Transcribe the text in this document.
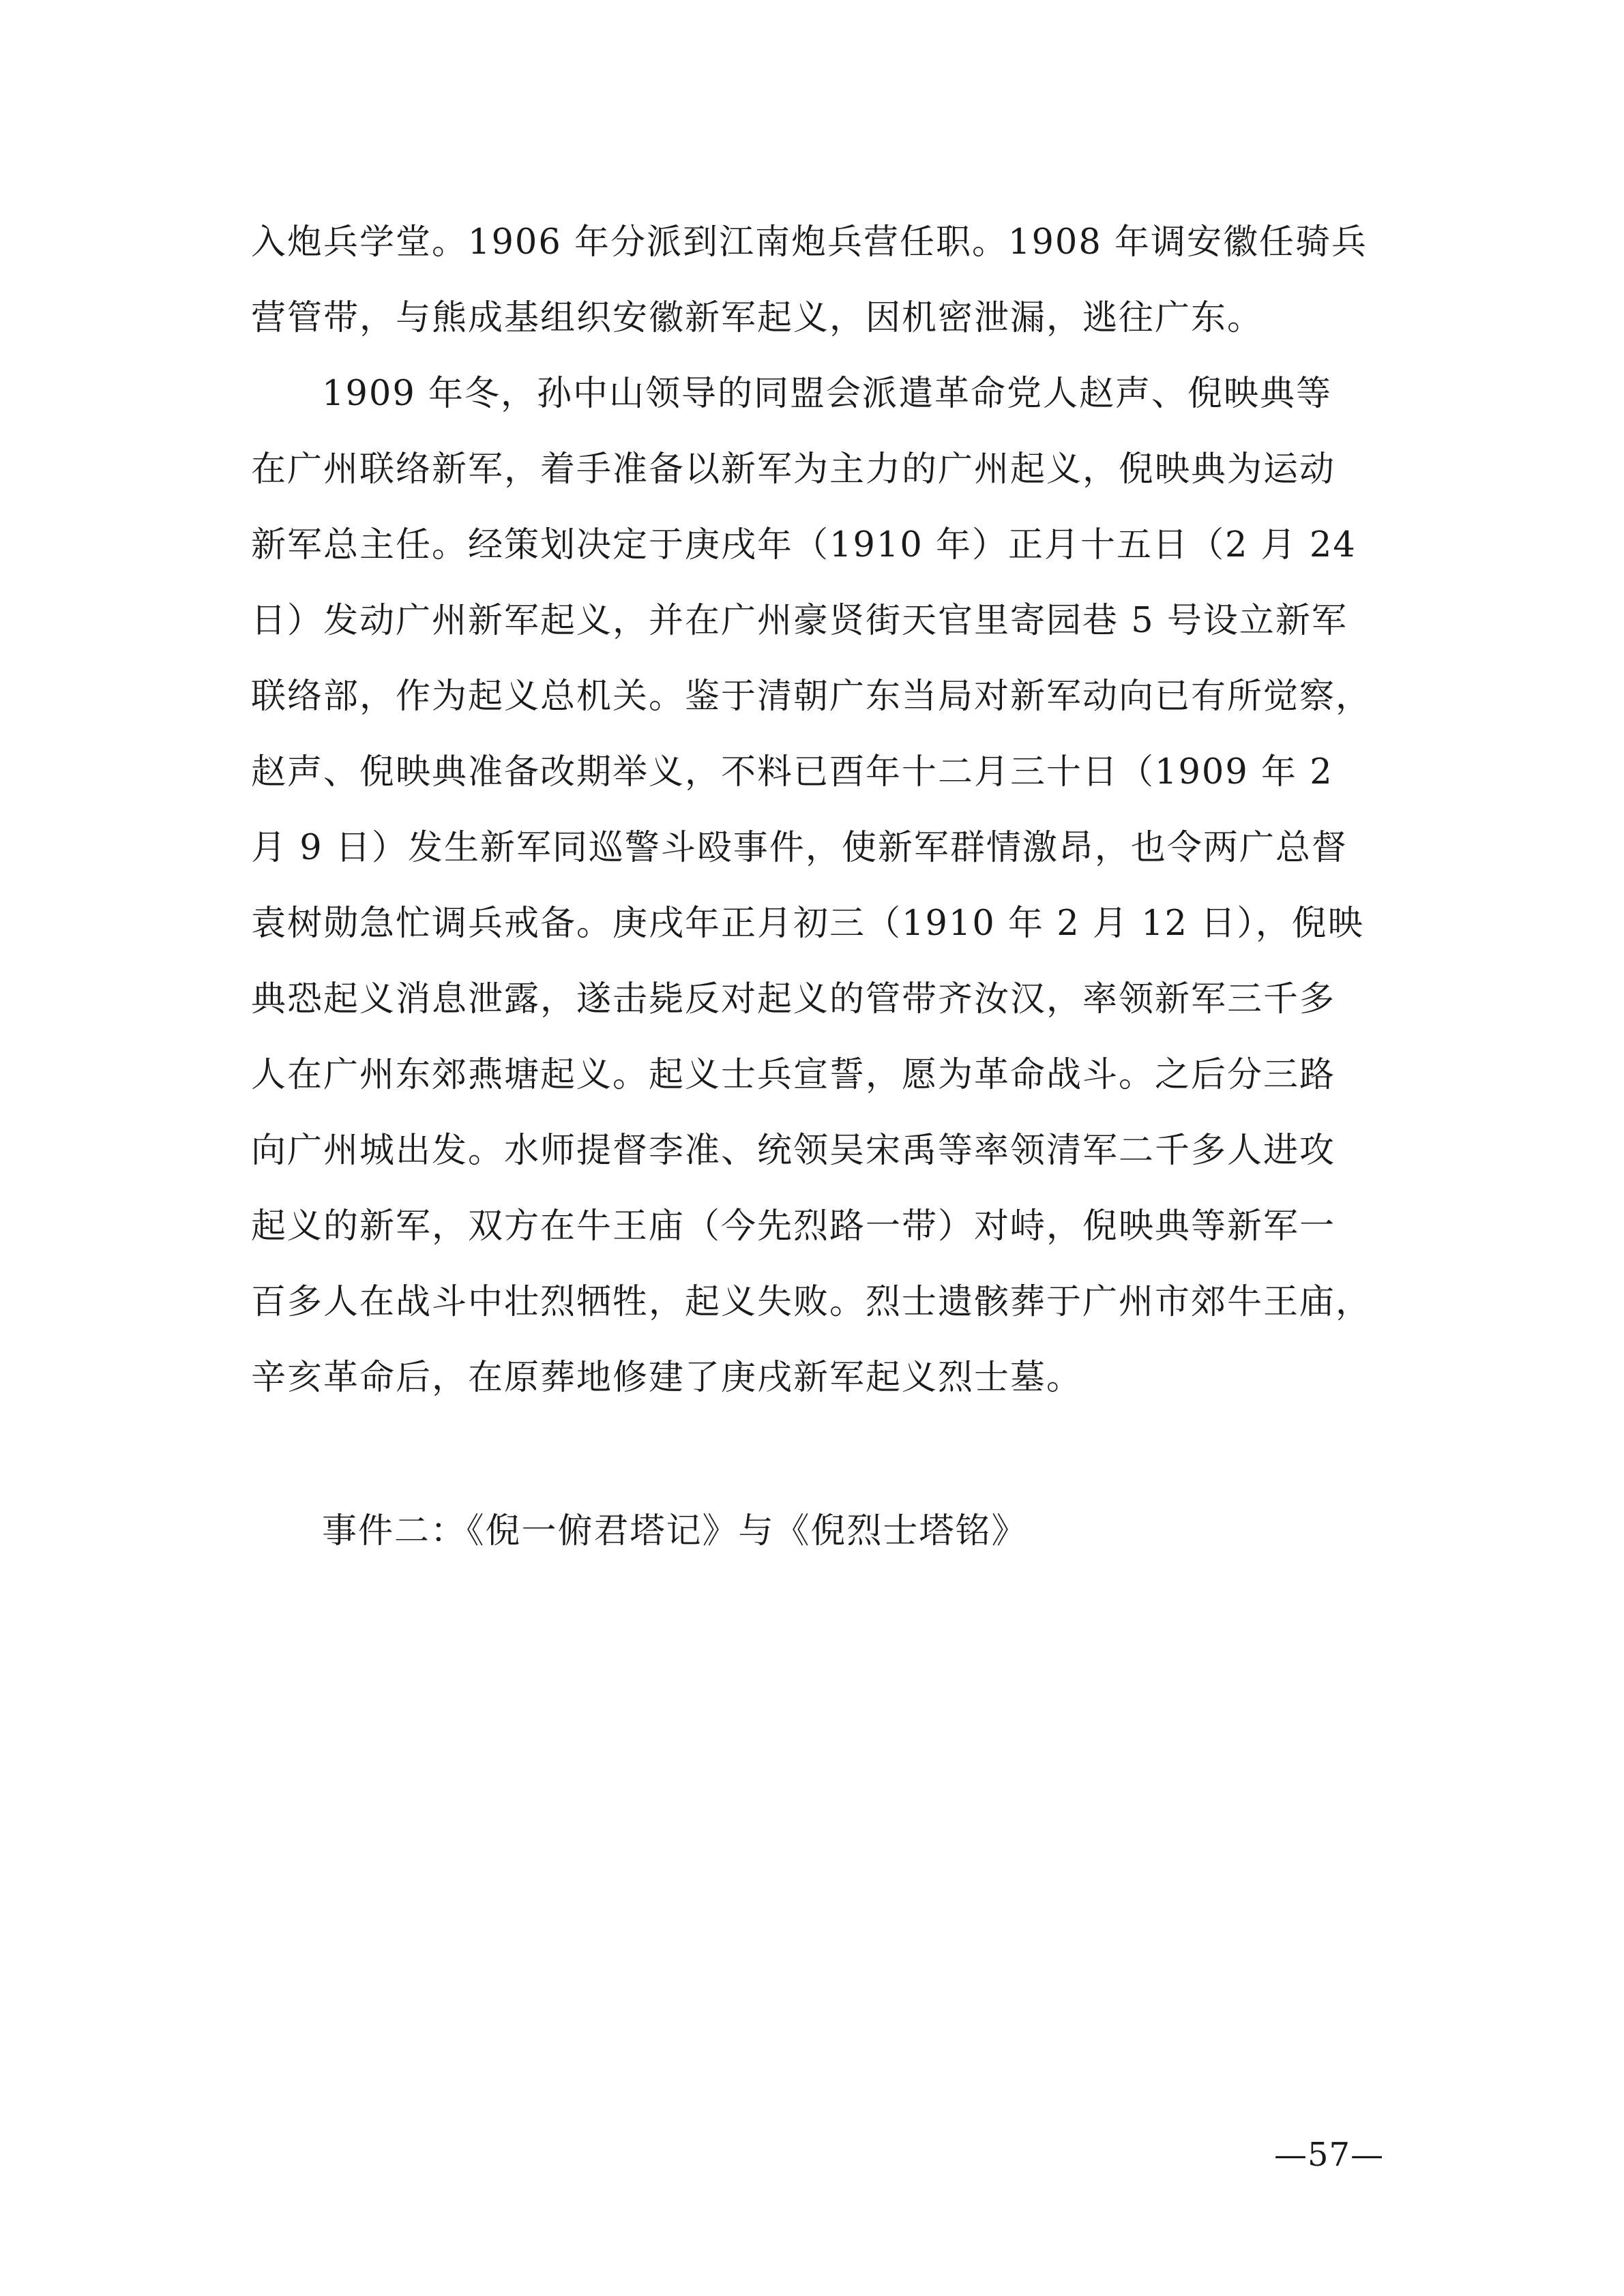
入炮兵学堂。1906 年分派到江南炮兵营任职。1908 年调安徽任骑兵
营管带，与熊成基组织安徽新军起义，因机密泄漏，逃往广东。
1909 年冬，孙中山领导的同盟会派遣革命党人赵声、倪映典等
在广州联络新军，着手准备以新军为主力的广州起义，倪映典为运动
新军总主任。经策划决定于庚戌年（1910 年）正月十五日（2 月 24
日）发动广州新军起义，并在广州豪贤街天官里寄园巷 5 号设立新军
联络部，作为起义总机关。鉴于清朝广东当局对新军动向已有所觉察，
赵声、倪映典准备改期举义，不料已酉年十二月三十日（1909 年 2
月 9 日）发生新军同巡警斗殴事件，使新军群情激昂，也令两广总督
袁树勋急忙调兵戒备。庚戌年正月初三（1910 年 2 月 12 日），倪映
典恐起义消息泄露，遂击毙反对起义的管带齐汝汉，率领新军三千多
人在广州东郊燕塘起义。起义士兵宣誓，愿为革命战斗。之后分三路
向广州城出发。水师提督李准、统领吴宋禹等率领清军二千多人进攻
起义的新军，双方在牛王庙（今先烈路一带）对峙，倪映典等新军一
百多人在战斗中壮烈牺牲，起义失败。烈士遗骸葬于广州市郊牛王庙，
辛亥革命后，在原葬地修建了庚戌新军起义烈士墓。
事件二：《倪一俯君塔记》与《倪烈士塔铭》
—57—
